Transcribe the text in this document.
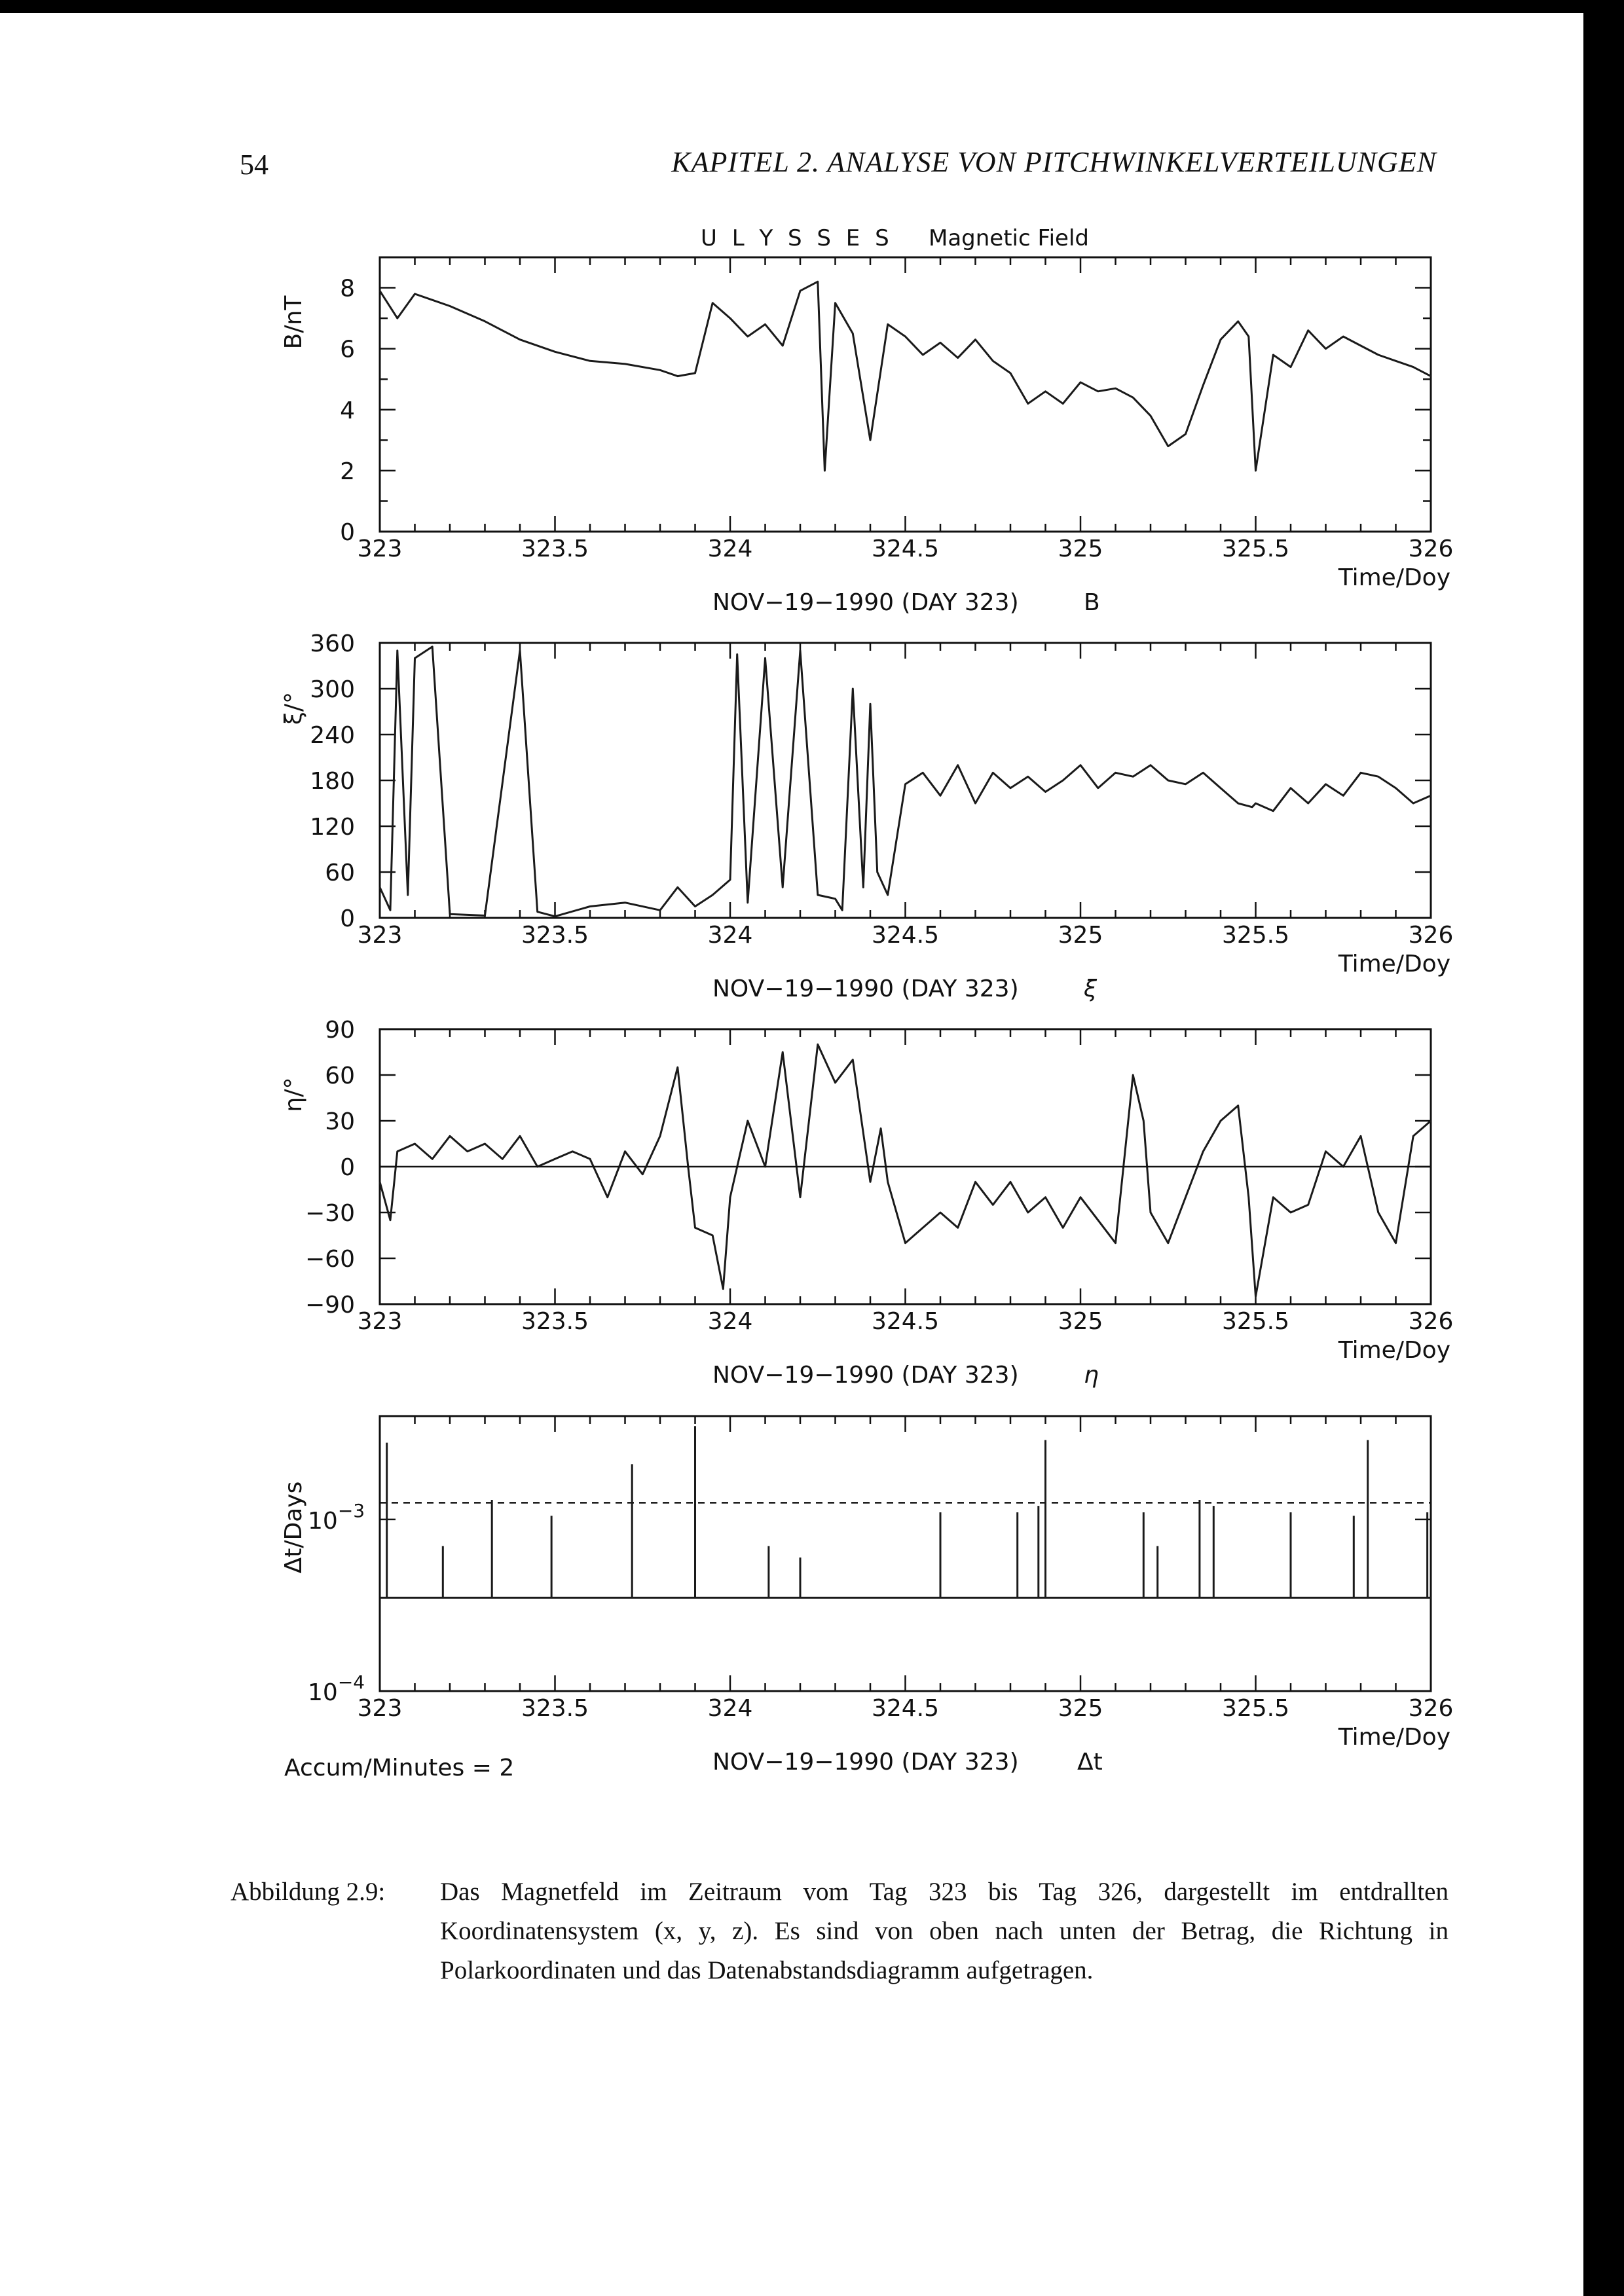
54	KAPITEL 2. ANALYSE VON PITCHWINKELVERTEILUNGEN
U L Y S S E S Magnetic Field
Accum/Minutes = 2
323	323.5	324	324.5	325	325.5	326
0
2
4
6
8
B/nT
Time/Doy
NOV−19−1990 (DAY 323)	B
323	323.5	324	324.5	325	325.5	326
0
60
120
180
240
300
360
ξ/°
Time/Doy
NOV−19−1990 (DAY 323)	ξ
323	323.5	324	324.5	325	325.5	326
−90
−60
−30
0
30
60
90
η/°
Time/Doy
NOV−19−1990 (DAY 323)	η
323	323.5	324	324.5	325	325.5	326
$10^{-4}$
$10^{-3}$
Δt/Days
Time/Doy
NOV−19−1990 (DAY 323) Δt
Abbildung 2.9: Das Magnetfeld im Zeitraum vom Tag 323 bis Tag 326, dargestellt im entdrallten Koordinatensystem (x, y, z). Es sind von oben nach unten der Betrag, die Richtung in Polarkoordinaten und das Datenabstandsdiagramm aufgetragen.
